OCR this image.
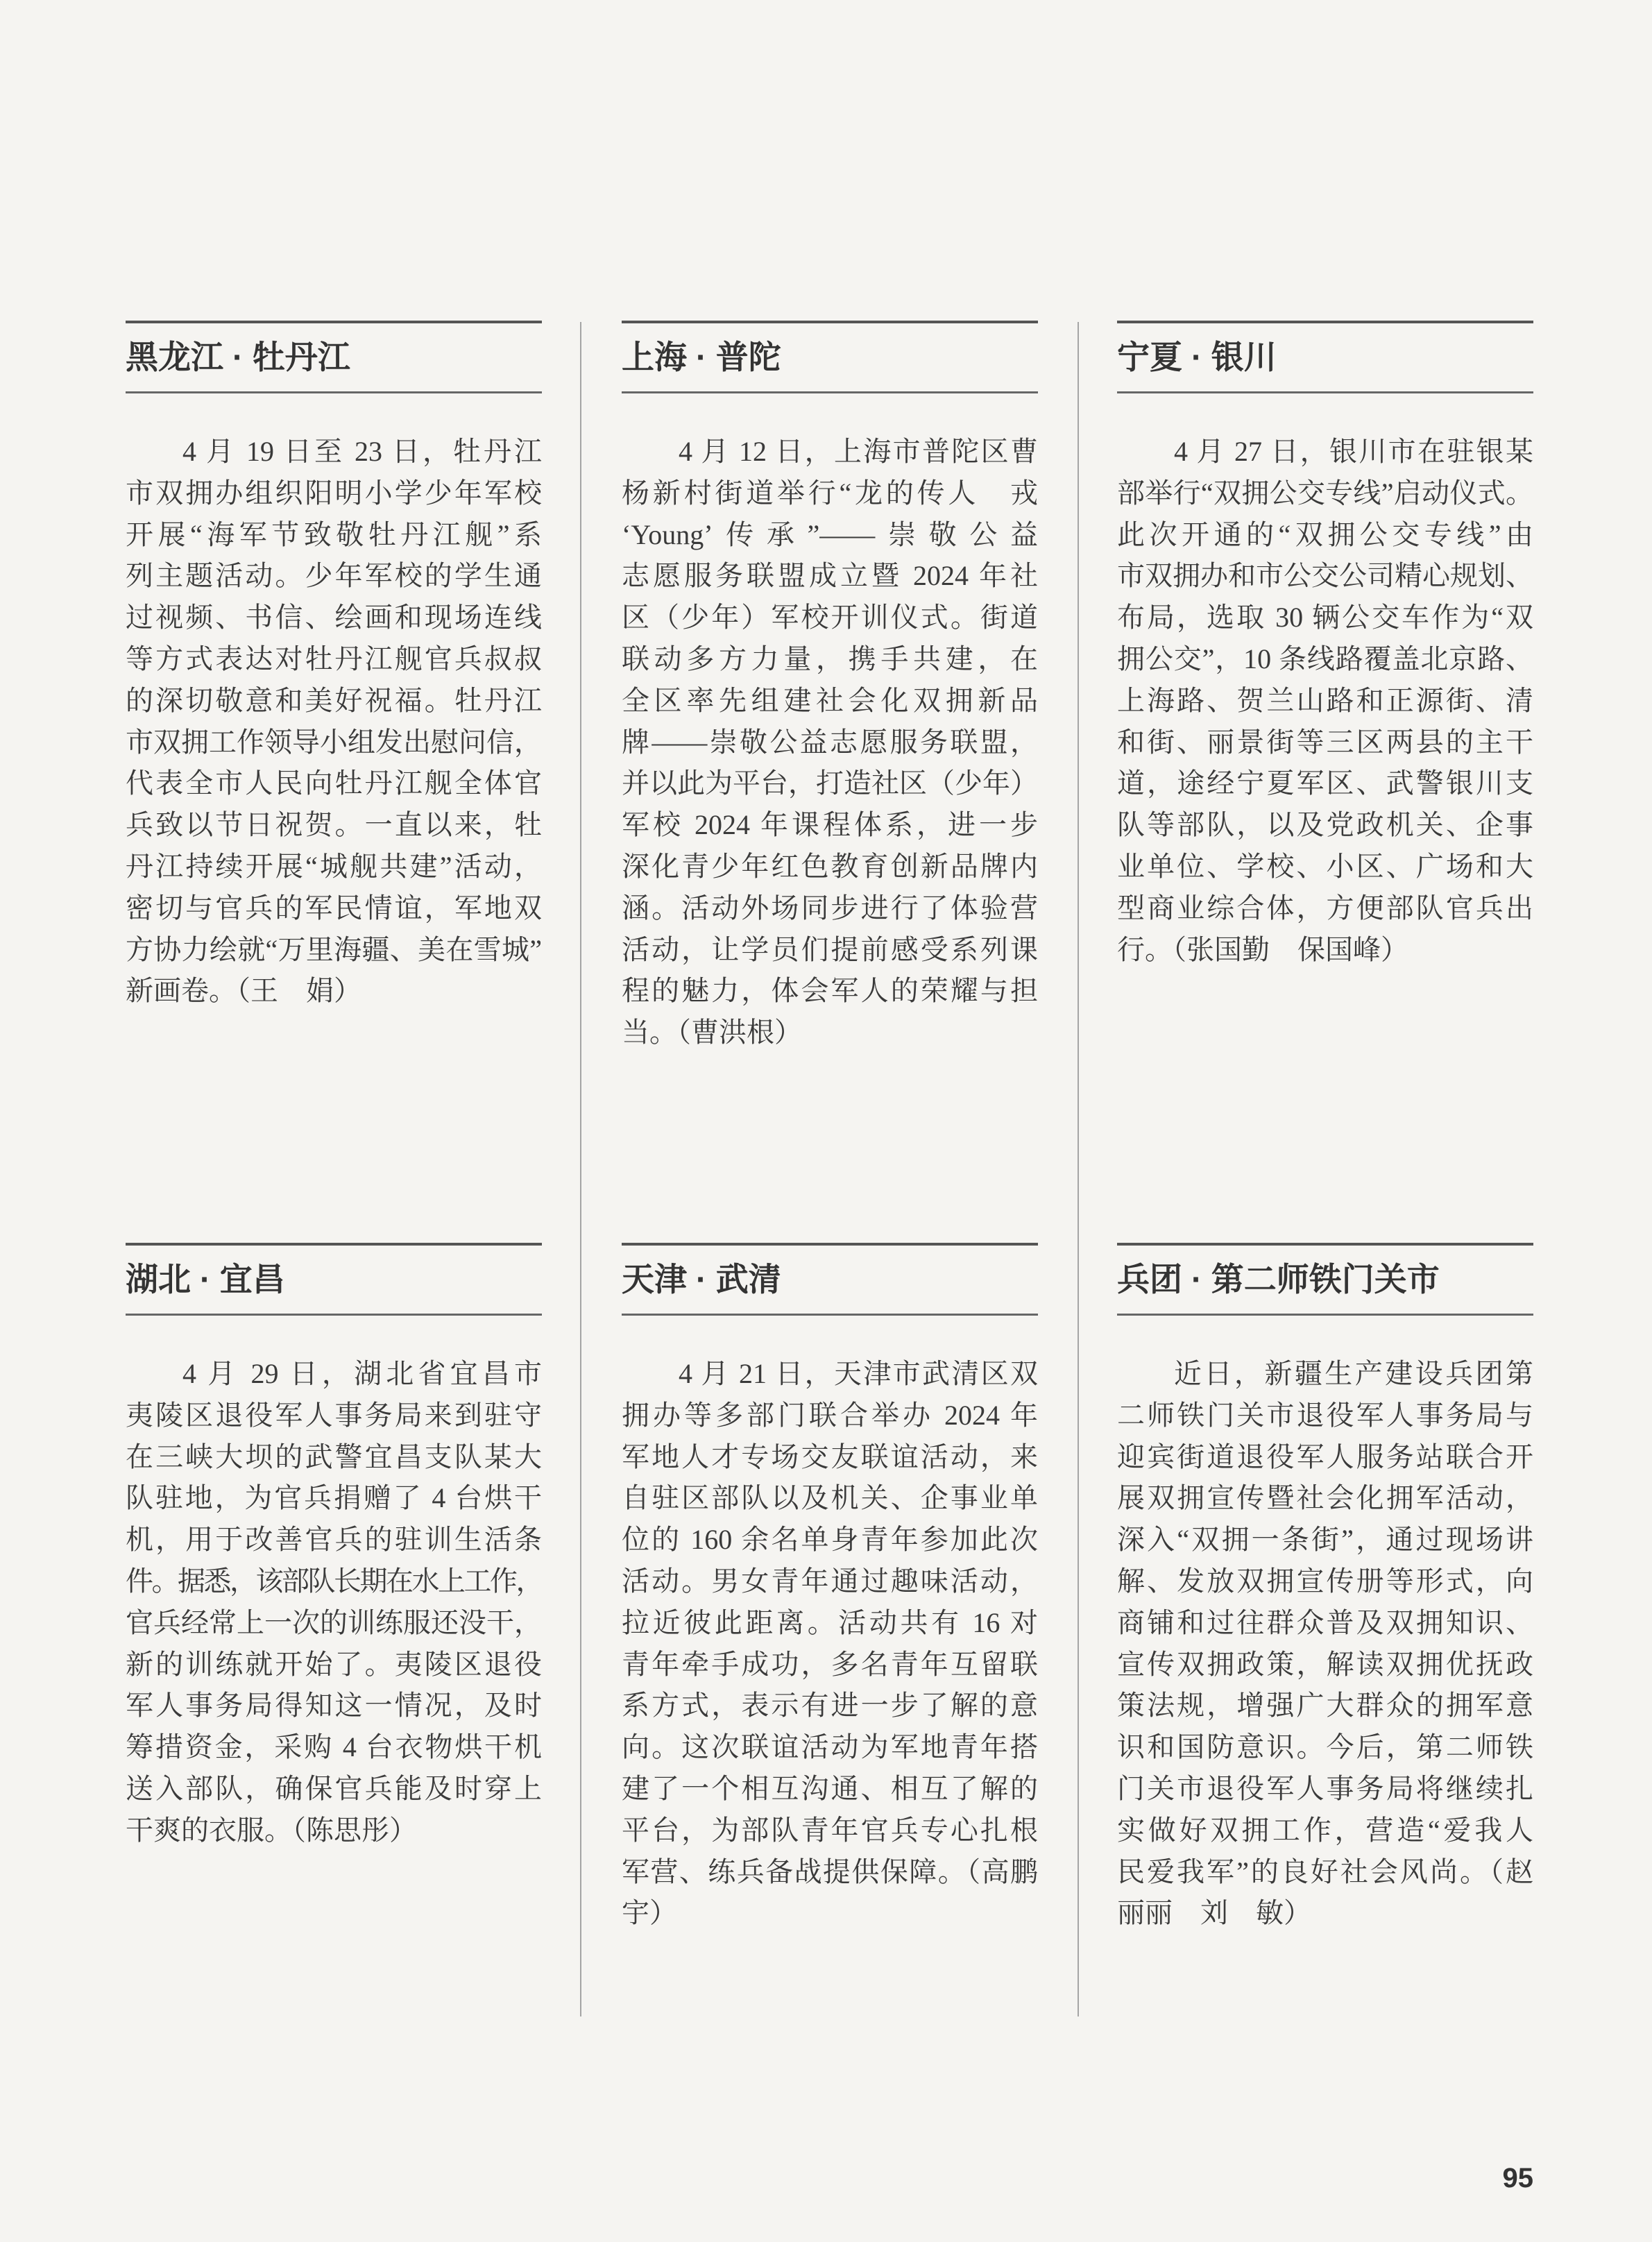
黑龙江 · 牡丹江
4 月 19 日至 23 日，牡丹江
市双拥办组织阳明小学少年军校
开展“海军节致敬牡丹江舰”系
列主题活动。少年军校的学生通
过视频、书信、绘画和现场连线
等方式表达对牡丹江舰官兵叔叔
的深切敬意和美好祝福。牡丹江
市双拥工作领导小组发出慰问信，
代表全市人民向牡丹江舰全体官
兵致以节日祝贺。一直以来，牡
丹江持续开展“城舰共建”活动，
密切与官兵的军民情谊，军地双
方协力绘就“万里海疆、美在雪城”
新画卷。（王　娟）
上海 · 普陀
4 月 12 日，上海市普陀区曹
杨新村街道举行“龙的传人　戎
‘Young’传承”——崇敬公益
志愿服务联盟成立暨 2024 年社
区（少年）军校开训仪式。街道
联动多方力量，携手共建，在
全区率先组建社会化双拥新品
牌——崇敬公益志愿服务联盟，
并以此为平台，打造社区（少年）
军校 2024 年课程体系，进一步
深化青少年红色教育创新品牌内
涵。活动外场同步进行了体验营
活动，让学员们提前感受系列课
程的魅力，体会军人的荣耀与担
当。（曹洪根）
宁夏 · 银川
4 月 27 日，银川市在驻银某
部举行“双拥公交专线”启动仪式。
此次开通的“双拥公交专线”由
市双拥办和市公交公司精心规划、
布局，选取 30 辆公交车作为“双
拥公交”，10 条线路覆盖北京路、
上海路、贺兰山路和正源街、清
和街、丽景街等三区两县的主干
道，途经宁夏军区、武警银川支
队等部队，以及党政机关、企事
业单位、学校、小区、广场和大
型商业综合体，方便部队官兵出
行。（张国勤　保国峰）
湖北 · 宜昌
4 月 29 日，湖北省宜昌市
夷陵区退役军人事务局来到驻守
在三峡大坝的武警宜昌支队某大
队驻地，为官兵捐赠了 4 台烘干
机，用于改善官兵的驻训生活条
件。据悉，该部队长期在水上工作，
官兵经常上一次的训练服还没干，
新的训练就开始了。夷陵区退役
军人事务局得知这一情况，及时
筹措资金，采购 4 台衣物烘干机
送入部队，确保官兵能及时穿上
干爽的衣服。（陈思彤）
天津 · 武清
4 月 21 日，天津市武清区双
拥办等多部门联合举办 2024 年
军地人才专场交友联谊活动，来
自驻区部队以及机关、企事业单
位的 160 余名单身青年参加此次
活动。男女青年通过趣味活动，
拉近彼此距离。活动共有 16 对
青年牵手成功，多名青年互留联
系方式，表示有进一步了解的意
向。这次联谊活动为军地青年搭
建了一个相互沟通、相互了解的
平台，为部队青年官兵专心扎根
军营、练兵备战提供保障。（高鹏
宇）
兵团 · 第二师铁门关市
近日，新疆生产建设兵团第
二师铁门关市退役军人事务局与
迎宾街道退役军人服务站联合开
展双拥宣传暨社会化拥军活动，
深入“双拥一条街”，通过现场讲
解、发放双拥宣传册等形式，向
商铺和过往群众普及双拥知识、
宣传双拥政策，解读双拥优抚政
策法规，增强广大群众的拥军意
识和国防意识。今后，第二师铁
门关市退役军人事务局将继续扎
实做好双拥工作，营造“爱我人
民爱我军”的良好社会风尚。（赵
丽丽　刘　敏）
95
